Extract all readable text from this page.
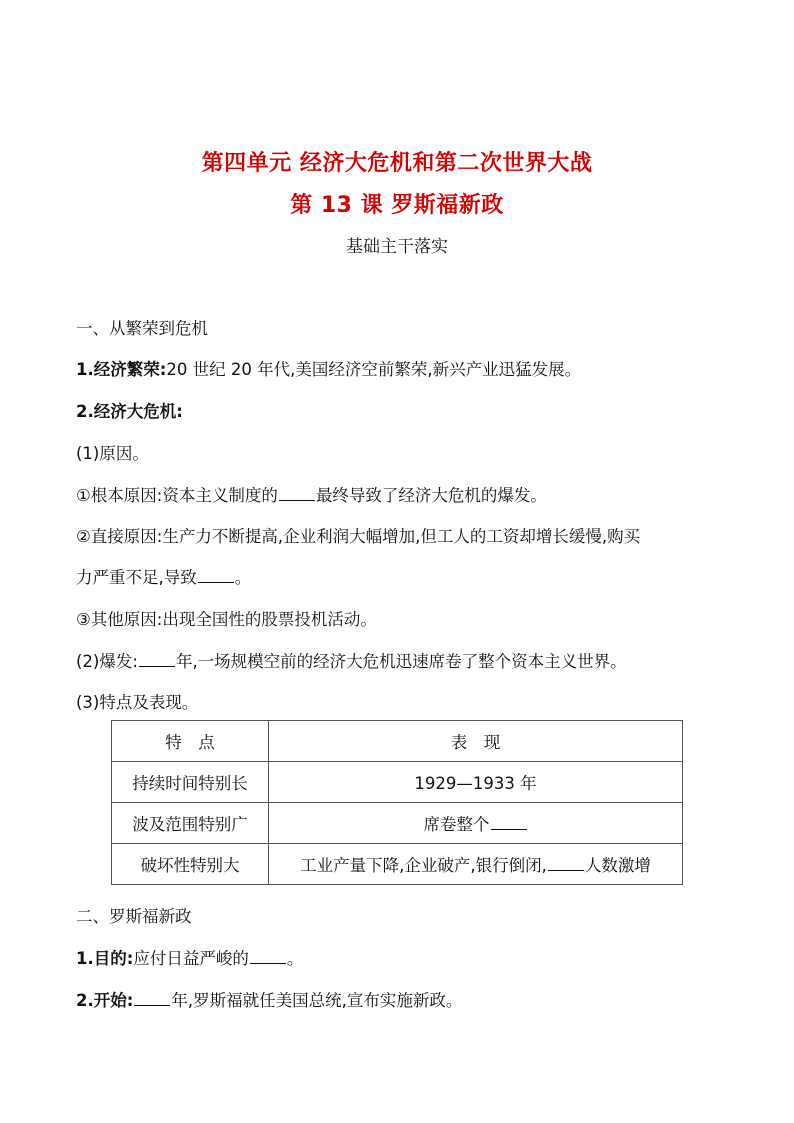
第四单元 经济大危机和第二次世界大战
第 13 课 罗斯福新政
基础主干落实
一、从繁荣到危机
1.经济繁荣:20 世纪 20 年代,美国经济空前繁荣,新兴产业迅猛发展。
2.经济大危机:
(1)原因。
①根本原因:资本主义制度的 最终导致了经济大危机的爆发。
②直接原因:生产力不断提高,企业利润大幅增加,但工人的工资却增长缓慢,购买
力严重不足,导致 。
③其他原因:出现全国性的股票投机活动。
(2)爆发: 年,一场规模空前的经济大危机迅速席卷了整个资本主义世界。
(3)特点及表现。
特　点	表　现
持续时间特别长	1929—1933 年
波及范围特别广	席卷整个
破坏性特别大	工业产量下降,企业破产,银行倒闭, 人数激增
二、罗斯福新政
1.目的:应付日益严峻的 。
2.开始: 年,罗斯福就任美国总统,宣布实施新政。
